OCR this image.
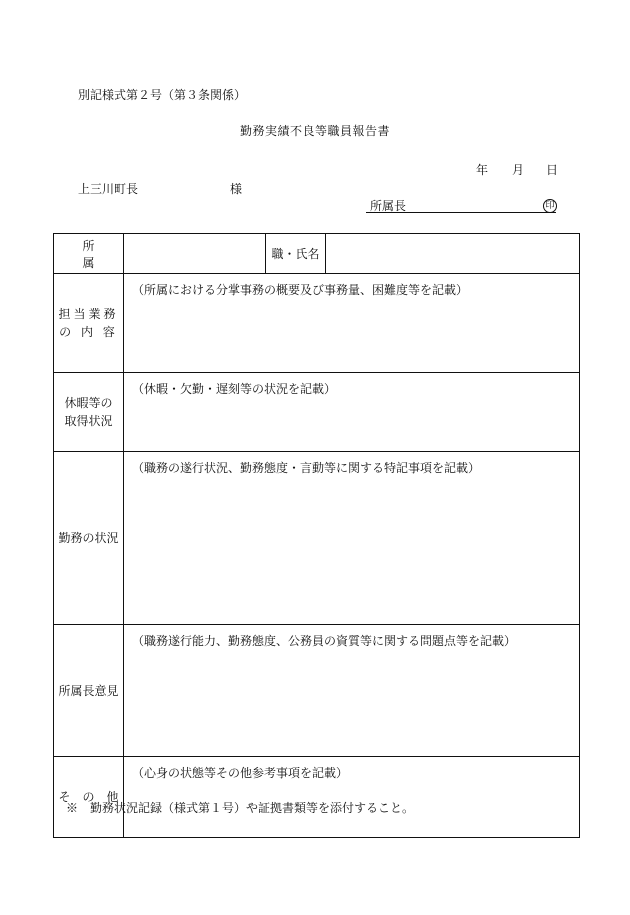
別記様式第２号（第３条関係）
勤務実績不良等職員報告書
年 月 日
上三川町長	様
所属長	印
所　属		職・氏名	

担当業務
の 内 容	（所属における分掌事務の概要及び事務量、困難度等を記載）		

休暇等の
取得状況	（休暇・欠勤・遅刻等の状況を記載）		

勤務の状況	（職務の遂行状況、勤務態度・言動等に関する特記事項を記載）		

所属長意見	（職務遂行能力、勤務態度、公務員の資質等に関する問題点等を記載）		

そ　の　他	（心身の状態等その他参考事項を記載）		
※　勤務状況記録（様式第１号）や証拠書類等を添付すること。
